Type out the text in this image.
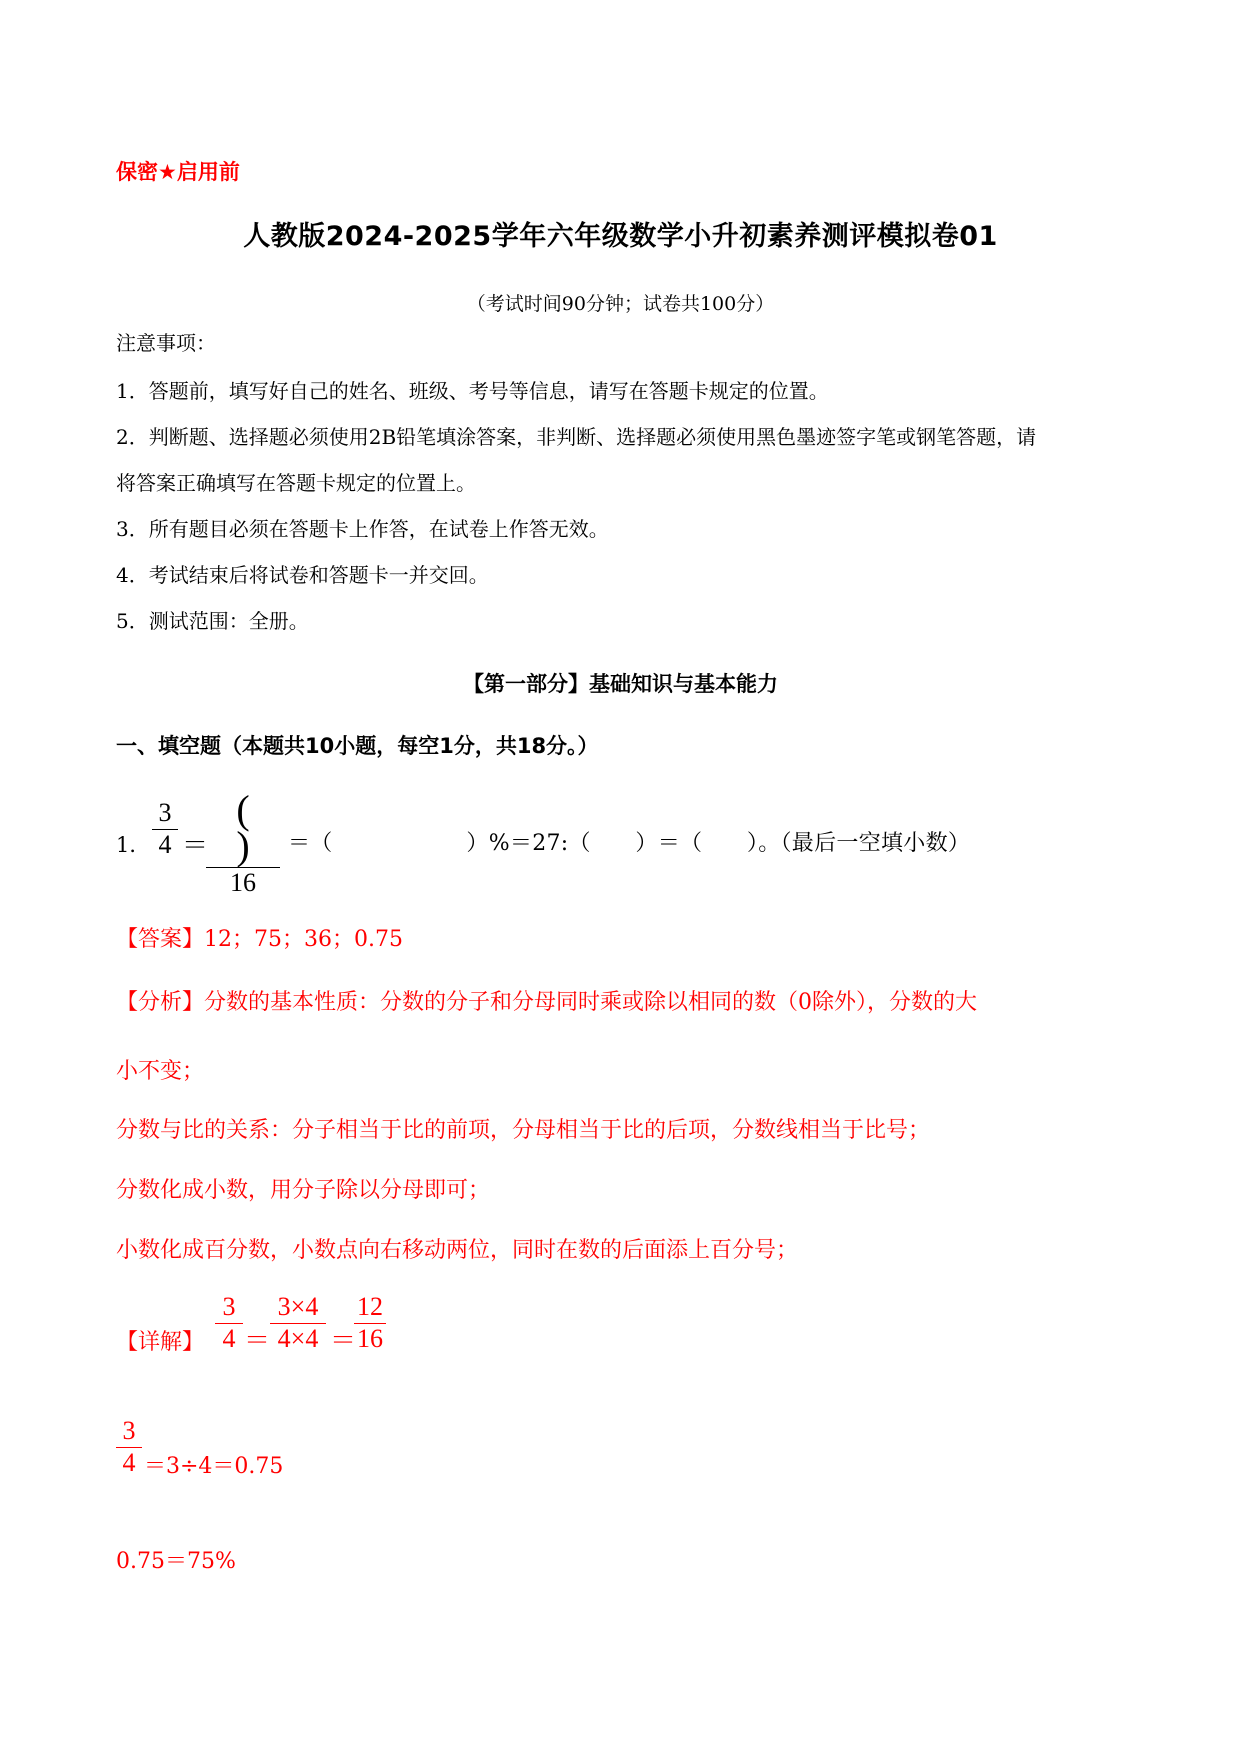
保密★启用前
人教版2024-2025学年六年级数学小升初素养测评模拟卷01
（考试时间90分钟；试卷共100分）
注意事项：
1．答题前，填写好自己的姓名、班级、考号等信息，请写在答题卡规定的位置。
2．判断题、选择题必须使用2B铅笔填涂答案，非判断、选择题必须使用黑色墨迹签字笔或钢笔答题，请
将答案正确填写在答题卡规定的位置上。
3．所有题目必须在答题卡上作答，在试卷上作答无效。
4．考试结束后将试卷和答题卡一并交回。
5．测试范围：全册。
【第一部分】基础知识与基本能力
一、填空题（本题共10小题，每空1分，共18分。）
1．
3
4 ＝
( )
16
＝（　　　　　　）%＝27:（　　）＝（　　）。（最后一空填小数）
【答案】12；75；36；0.75
【分析】分数的基本性质：分数的分子和分母同时乘或除以相同的数（0除外），分数的大
小不变；
分数与比的关系：分子相当于比的前项，分母相当于比的后项，分数线相当于比号；
分数化成小数，用分子除以分母即可；
小数化成百分数，小数点向右移动两位，同时在数的后面添上百分号；
【详解】
3
4 ＝
3×4
4×4 ＝
12
16
3
4 ＝3÷4＝0.75
0.75＝75%
